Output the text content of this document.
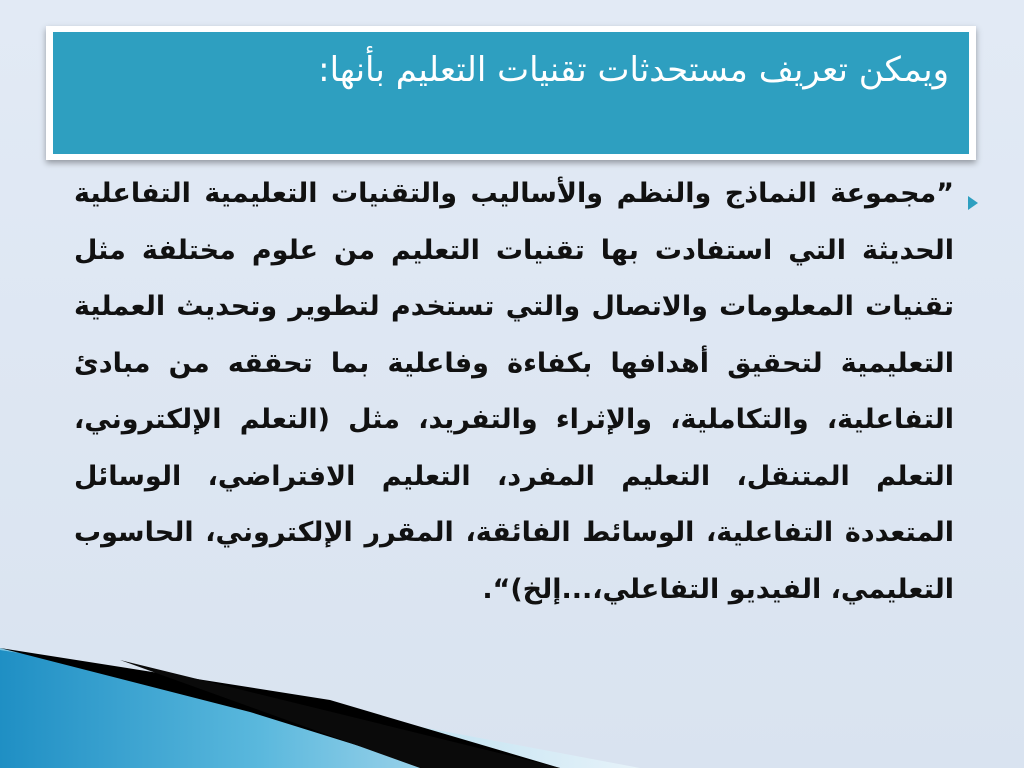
ويمكن تعريف مستحدثات تقنيات التعليم بأنها:
”مجموعة النماذج والنظم والأساليب والتقنيات التعليمية التفاعلية الحديثة التي استفادت بها تقنيات التعليم من علوم مختلفة مثل تقنيات المعلومات والاتصال والتي تستخدم لتطوير وتحديث العملية التعليمية لتحقيق أهدافها بكفاءة وفاعلية بما تحققه من مبادئ التفاعلية، والتكاملية، والإثراء والتفريد، مثل (التعلم الإلكتروني، التعلم المتنقل، التعليم المفرد، التعليم الافتراضي، الوسائل المتعددة التفاعلية، الوسائط الفائقة، المقرر الإلكتروني، الحاسوب التعليمي، الفيديو التفاعلي،...إلخ)“.
